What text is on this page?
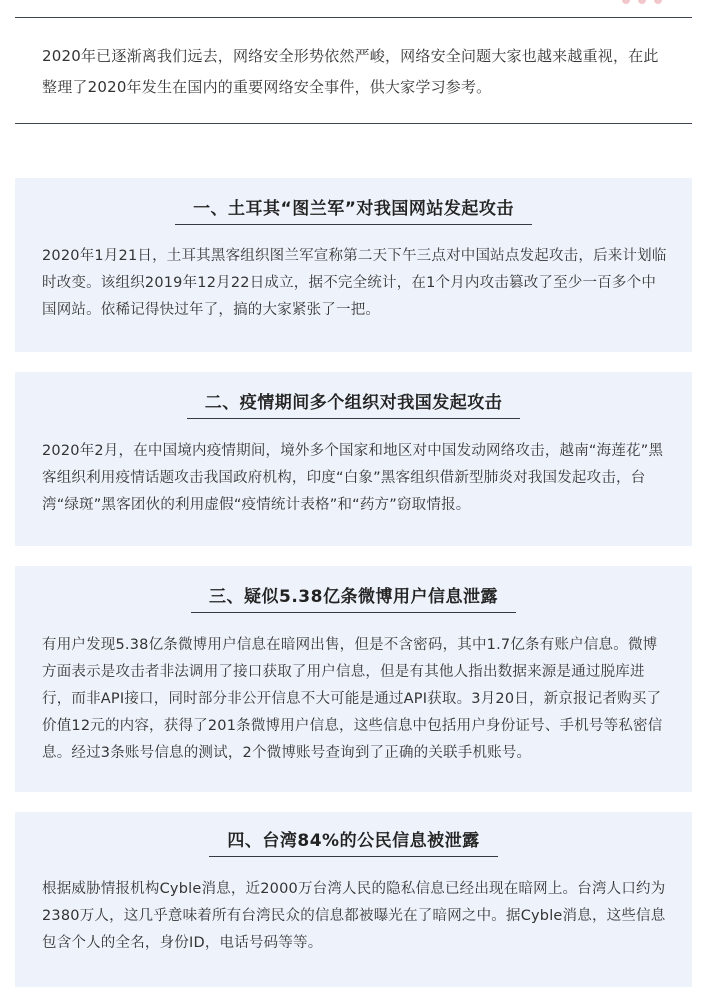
2020年已逐渐离我们远去，网络安全形势依然严峻，网络安全问题大家也越来越重视，在此整理了2020年发生在国内的重要网络安全事件，供大家学习参考。

一、土耳其“图兰军”对我国网站发起攻击

2020年1月21日，土耳其黑客组织图兰军宣称第二天下午三点对中国站点发起攻击，后来计划临时改变。该组织2019年12月22日成立，据不完全统计，在1个月内攻击篡改了至少一百多个中国网站。依稀记得快过年了，搞的大家紧张了一把。

二、疫情期间多个组织对我国发起攻击

2020年2月，在中国境内疫情期间，境外多个国家和地区对中国发动网络攻击，越南“海莲花”黑客组织利用疫情话题攻击我国政府机构，印度“白象”黑客组织借新型肺炎对我国发起攻击，台湾“绿斑”黑客团伙的利用虚假“疫情统计表格”和“药方”窃取情报。

三、疑似5.38亿条微博用户信息泄露

有用户发现5.38亿条微博用户信息在暗网出售，但是不含密码，其中1.7亿条有账户信息。微博方面表示是攻击者非法调用了接口获取了用户信息，但是有其他人指出数据来源是通过脱库进行，而非API接口，同时部分非公开信息不大可能是通过API获取。3月20日，新京报记者购买了价值12元的内容，获得了201条微博用户信息，这些信息中包括用户身份证号、手机号等私密信息。经过3条账号信息的测试，2个微博账号查询到了正确的关联手机账号。

四、台湾84%的公民信息被泄露

根据威胁情报机构Cyble消息，近2000万台湾人民的隐私信息已经出现在暗网上。台湾人口约为2380万人，这几乎意味着所有台湾民众的信息都被曝光在了暗网之中。据Cyble消息，这些信息包含个人的全名，身份ID，电话号码等等。
